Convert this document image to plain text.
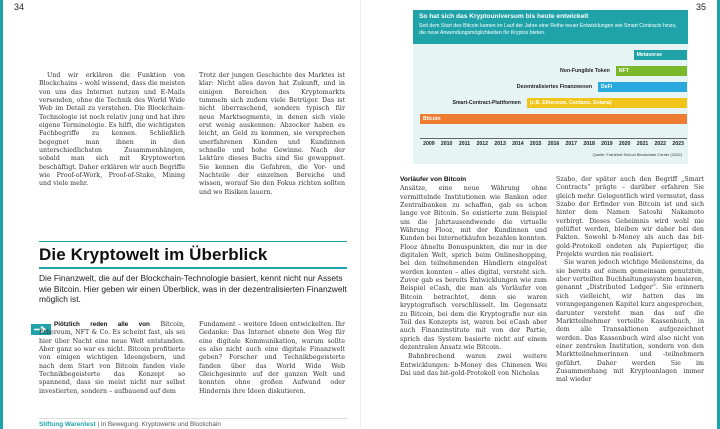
34	35

Und wir erklären die Funktion von Blockchains – wohl wissend, dass die meisten von uns das Internet nutzen und E-Mails versenden, ohne die Technik des World Wide Web im Detail zu verstehen. Die Blockchain-Technologie ist noch relativ jung und hat ihre eigene Terminologie. Es hilft, die wichtigsten Fachbegriffe zu kennen. Schließlich begegnet man ihnen in den unterschiedlichsten Zusammenhängen, sobald man sich mit Kryptowerten beschäftigt. Daher erklären wir auch Begriffe wie Proof-of-Work, Proof-of-Stake, Mining und viele mehr.

Trotz der jungen Geschichte des Marktes ist klar: Nicht alles davon hat Zukunft, und in einigen Bereichen des Kryptomarkts tummeln sich zudem viele Betrüger. Das ist nicht überraschend, sondern typisch für neue Marktsegmente, in denen sich viele erst wenig auskennen: Abzocker haben es leicht, an Geld zu kommen, sie versprechen unerfahrenen Kunden und Kundinnen schnelle und hohe Gewinne. Nach der Lektüre dieses Buchs sind Sie gewappnet. Sie kennen die Gefahren, die Vor- und Nachteile der einzelnen Bereiche und wissen, worauf Sie den Fokus richten sollten und wo Risiken lauern.

Die Kryptowelt im Überblick
Die Finanzwelt, die auf der Blockchain-Technologie basiert, kennt nicht nur Assets wie Bitcoin. Hier geben wir einen Überblick, was in der dezentralisierten Finanzwelt möglich ist.

Plötzlich reden alle von Bitcoin, Ethereum, NFT & Co. Es scheint fast, als sei hier über Nacht eine neue Welt entstanden. Aber ganz so war es nicht. Bitcoin profitierte von einigen wichtigen Ideengebern, und nach dem Start von Bitcoin fanden viele Technikbegeisterte das Konzept so spannend, dass sie meist nicht nur selbst investierten, sondern – aufbauend auf dem

Fundament – weitere Ideen entwickelten. Ihr Gedanke: Das Internet ebnete den Weg für eine digitale Kommunikation, warum sollte es also nicht auch eine digitale Finanzwelt geben? Forscher und Technikbegeisterte fanden über das World Wide Web Gleichgesinnte auf der ganzen Welt und konnten ohne großen Aufwand oder Hindernis ihre Ideen diskutieren.

Stiftung Warentest | In Bewegung: Kryptowerte und Blockchain
So hat sich das Kryptouniversum bis heute entwickelt
Seit dem Start des Bitcoin kamen im Lauf der Jahre eine Reihe neuer Entwicklungen wie Smart Contracts hinzu, die neue Anwendungsmöglichkeiten für Kryptos bieten.
Metaverse
NFT
Non-Fungible Token
DeFi
Dezentralisiertes Finanzwesen
(z.B. Ethereum, Cardano, Solana)
Smart-Contract-Plattformen
Bitcoin
2009 2010 2011 2012 2013 2014 2015 2016 2017 2018 2019 2020 2021 2022 2023
Quelle: Frankfurt School Blockchain Center (2022)
Vorläufer von Bitcoin

Ansätze, eine neue Währung ohne vermittelnde Institutionen wie Banken oder Zentralbanken zu schaffen, gab es schon lange vor Bitcoin. So existierte zum Beispiel um die Jahrtausendwende die virtuelle Währung Flooz, mit der Kundinnen und Kunden bei Internetkäufen bezahlen konnten. Flooz ähnelte Bonuspunkten, die nur in der digitalen Welt, sprich beim Onlineshopping, bei den teilnehmenden Händlern eingelöst werden konnten – alles digital, versteht sich. Zuvor gab es bereits Entwicklungen wie zum Beispiel eCash, die man als Vorläufer von Bitcoin betrachtet, denn sie waren kryptografisch verschlüsselt. Im Gegensatz zu Bitcoin, bei dem die Kryptografie nur ein Teil des Konzepts ist, waren bei eCash aber auch Finanzinstitute mit von der Partie, sprich das System basierte nicht auf einem dezentralen Ansatz wie Bitcoin.

Bahnbrechend waren zwei weitere Entwicklungen: b-Money des Chinesen Wei Dai und das bit-gold-Protokoll von Nicholas

Szabo, der später auch den Begriff „Smart Contracts“ prägte – darüber erfahren Sie gleich mehr. Gelegentlich wird vermutet, dass Szabo der Erfinder von Bitcoin ist und sich hinter dem Namen Satoshi Nakamoto verbirgt. Dieses Geheimnis wird wohl nie gelüftet werden, bleiben wir daher bei den Fakten. Sowohl b-Money als auch das bit-gold-Protokoll endeten als Papiertiger, die Projekte wurden nie realisiert.

Sie waren jedoch wichtige Meilensteine, da sie bereits auf einem gemeinsam genutzten, aber verteilten Buchhaltungssystem basieren, genannt „Distributed Ledger“. Sie erinnern sich vielleicht, wir hatten das im vorangegangenen Kapitel kurz angesprochen, darunter versteht man das auf die Marktteilnehmer verteilte Kassenbuch, in dem alle Transaktionen aufgezeichnet werden. Das Kassenbuch wird also nicht von einer zentralen Institution, sondern von den Marktteilnehmerinnen und -teilnehmern geführt. Daher werden Sie im Zusammenhang mit Kryptoanlagen immer mal wieder
